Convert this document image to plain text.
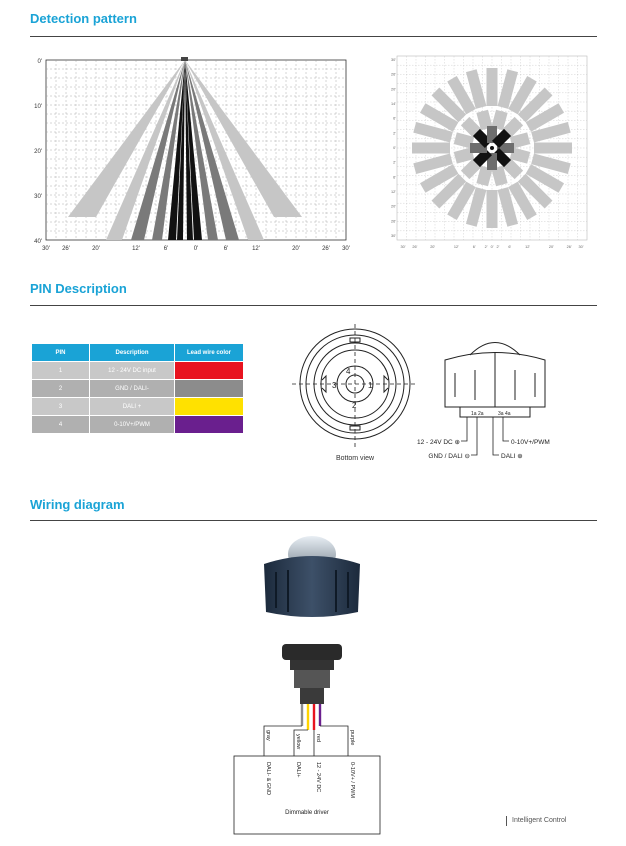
Detection pattern
0'
10'
20'
30'
40'
30' 26'	20'	12'	6'	0'	6'	12'	20'	26' 30'
30'
26'
20'
14'
6'
2'
0'
2'
6'
12'
20'
26'
30'
30' 26'	20'	12'	6' 2' 0' 2' 6'	12'	20'	26' 30'
PIN Description
PIN	Description	Lead wire color
1	12 - 24V DC input	
2	GND / DALI-	
3	DALI +	
4	0-10V+/PWM	
4
3	1
2
Bottom view
1a 2a	3a 4a
12 - 24V DC ⊕
GND / DALI ⊖
0-10V+/PWM
DALI ⊕
Wiring diagram
gray	yellow	red	purple
DALI- & GND	DALI+	12 - 24V DC	0-10V+ / PWM
Dimmable driver
Intelligent Control
